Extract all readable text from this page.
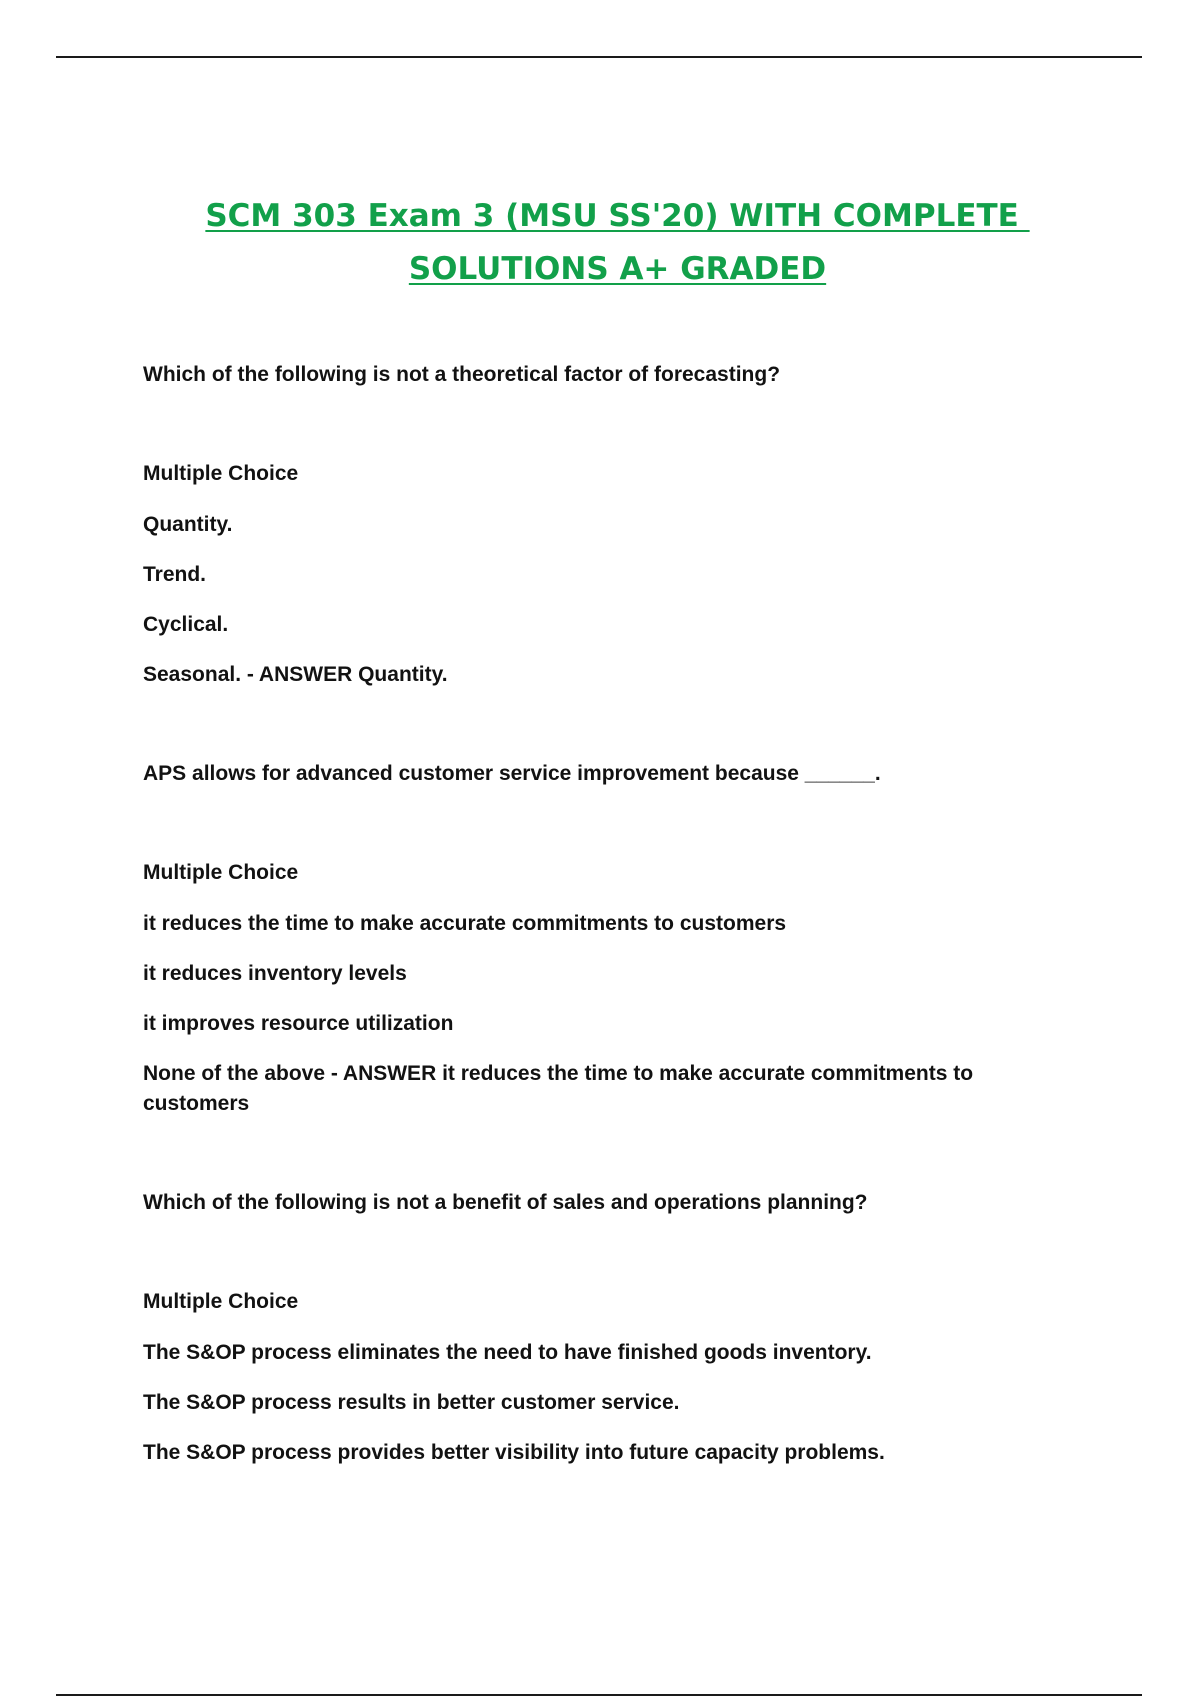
SCM 303 Exam 3 (MSU SS'20) WITH COMPLETE
SOLUTIONS A+ GRADED

Which of the following is not a theoretical factor of forecasting?

Multiple Choice

Quantity.
Trend.
Cyclical.
Seasonal. - ANSWER Quantity.

APS allows for advanced customer service improvement because ______.

Multiple Choice

it reduces the time to make accurate commitments to customers
it reduces inventory levels
it improves resource utilization
None of the above - ANSWER it reduces the time to make accurate commitments to customers

Which of the following is not a benefit of sales and operations planning?

Multiple Choice

The S&OP process eliminates the need to have finished goods inventory.
The S&OP process results in better customer service.
The S&OP process provides better visibility into future capacity problems.
